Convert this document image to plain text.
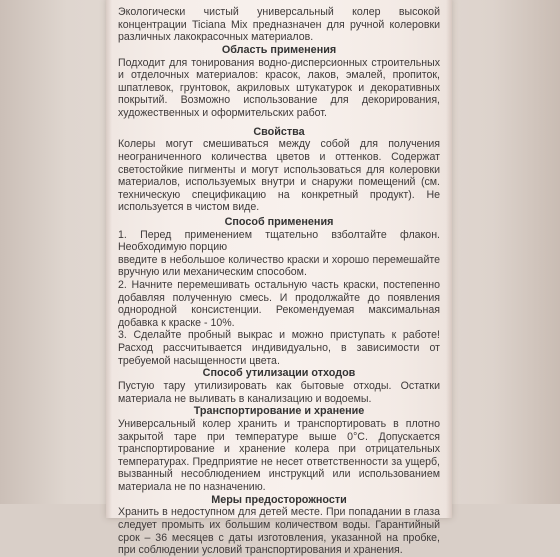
Экологически чистый универсальный колер высокой концентрации Ticiana Mix предназначен для ручной колеровки различных лакокрасочных материалов.

Область применения

Подходит для тонирования водно-дисперсионных строительных и отделочных материалов: красок, лаков, эмалей, пропиток, шпатлевок, грунтовок, акриловых штукатурок и декоративных покрытий. Возможно использование для декорирования, художественных и оформительских работ.

Свойства

Колеры могут смешиваться между собой для получения неограниченного количества цветов и оттенков. Содержат светостойкие пигменты и могут использоваться для колеровки материалов, используемых внутри и снаружи помещений (см. техническую спецификацию на конкретный продукт). Не используется в чистом виде.

Способ применения

1. Перед применением тщательно взболтайте флакон. Необходимую порцию

введите в небольшое количество краски и хорошо перемешайте вручную или механическим способом.

2. Начните перемешивать остальную часть краски, постепенно добавляя полученную смесь. И продолжайте до появления однородной консистенции. Рекомендуемая максимальная добавка к краске - 10%.

3. Сделайте пробный выкрас и можно приступать к работе! Расход рассчитывается индивидуально, в зависимости от требуемой насыщенности цвета.

Способ утилизации отходов

Пустую тару утилизировать как бытовые отходы. Остатки материала не выливать в канализацию и водоемы.

Транспортирование и хранение

Универсальный колер хранить и транспортировать в плотно закрытой таре при температуре выше 0°С. Допускается транспортирование и хранение колера при отрицательных температурах. Предприятие не несет ответственности за ущерб, вызванный несоблюдением инструкций или использованием материала не по назначению.

Меры предосторожности

Хранить в недоступном для детей месте. При попадании в глаза следует промыть их большим количеством воды. Гарантийный срок – 36 месяцев с даты изготовления, указанной на пробке, при соблюдении условий транспортирования и хранения.
